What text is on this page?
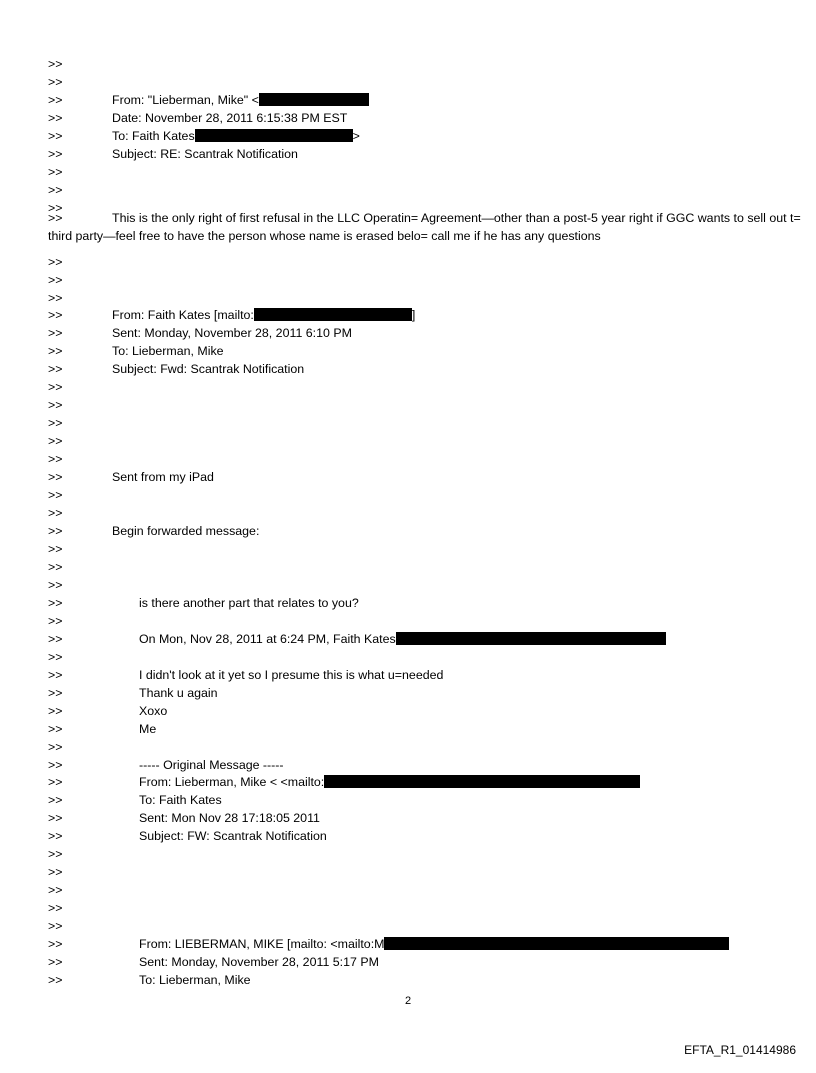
>>
>>
>>	From: "Lieberman, Mike" <
>>	Date: November 28, 2011 6:15:38 PM EST
>>	To: Faith Kates	>
>>	Subject: RE: Scantrak Notification
>>
>>
>>
>>
>>
>>
>>	From: Faith Kates [mailto:	]
>>	Sent: Monday, November 28, 2011 6:10 PM
>>	To: Lieberman, Mike
>>	Subject: Fwd: Scantrak Notification
>>
>>
>>
>>
>>
>>	Sent from my iPad
>>
>>
>>	Begin forwarded message:
>>
>>
>>
>>	is there another part that relates to you?
>>
>>	On Mon, Nov 28, 2011 at 6:24 PM, Faith Kates
>>
>>	I didn't look at it yet so I presume this is what u=needed
>>	Thank u again
>>	Xoxo
>>	Me
>>
>>	----- Original Message -----
>>	From: Lieberman, Mike < <mailto:
>>	To: Faith Kates
>>	Sent: Mon Nov 28 17:18:05 2011
>>	Subject: FW: Scantrak Notification
>>
>>
>>
>>
>>
>>	From: LIEBERMAN, MIKE [mailto: <mailto:M
>>	Sent: Monday, November 28, 2011 5:17 PM
>>	To: Lieberman, Mike
>>	This is the only right of first refusal in the LLC Operatin= Agreement—other than a post-5 year right if GGC wants to sell out t= third party—feel free to have the person whose name is erased belo= call me if he has any questions
2
EFTA_R1_01414986
